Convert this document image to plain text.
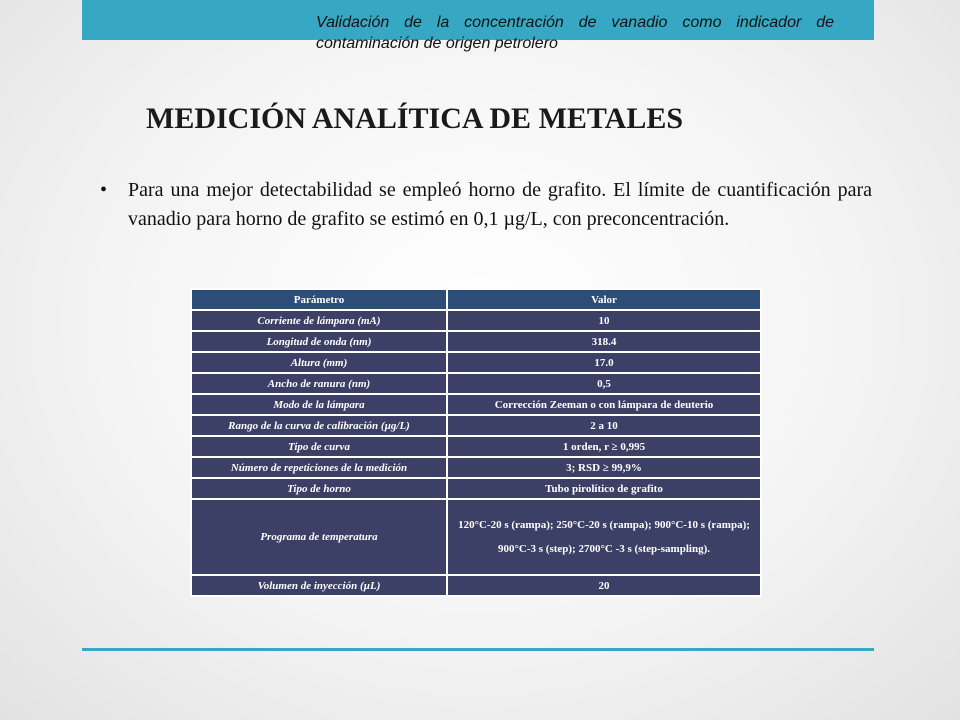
Validación de la concentración de vanadio como indicador de contaminación de origen petrolero
MEDICIÓN ANALÍTICA DE METALES
•	Para una mejor detectabilidad se empleó horno de grafito. El límite de cuantificación para vanadio para horno de grafito se estimó en 0,1 µg/L, con preconcentración.
Parámetro	Valor
Corriente de lámpara (mA)	10
Longitud de onda (nm)	318.4
Altura (mm)	17.0
Ancho de ranura (nm)	0,5
Modo de la lámpara	Corrección Zeeman o con lámpara de deuterio
Rango de la curva de calibración (µg/L)	2 a 10
Tipo de curva	1 orden, r ≥ 0,995
Número de repeticiones de la medición	3; RSD ≥ 99,9%
Tipo de horno	Tubo pirolítico de grafito
Programa de temperatura	120°C-20 s (rampa); 250°C-20 s (rampa); 900°C-10 s (rampa); 900°C-3 s (step); 2700°C -3 s (step-sampling).
Volumen de inyección (µL)	20
